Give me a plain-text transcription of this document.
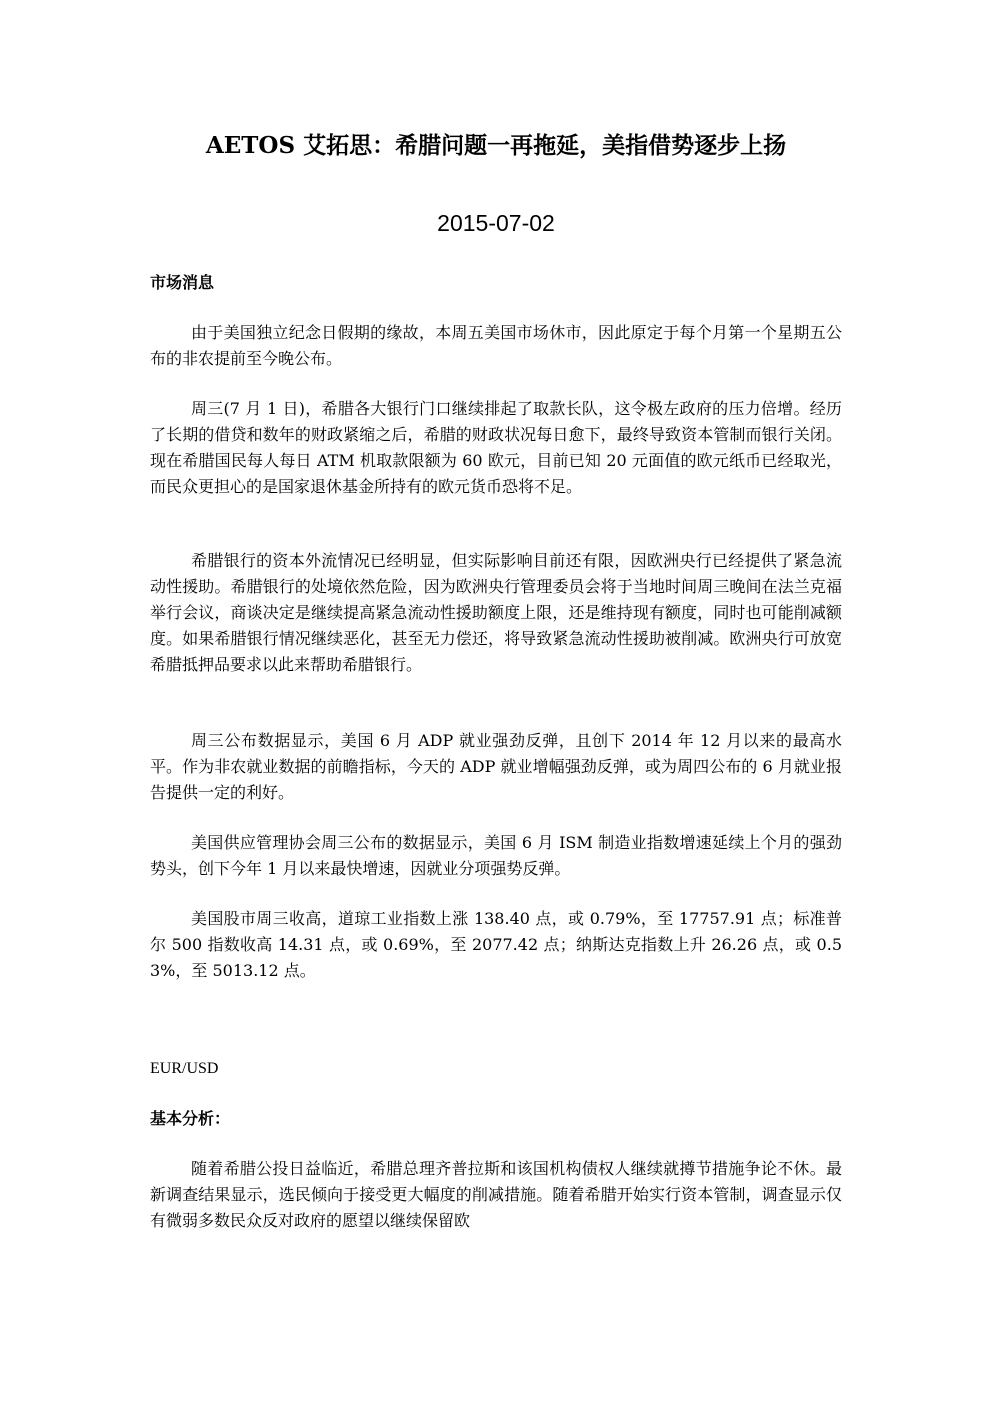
AETOS 艾拓思：希腊问题一再拖延，美指借势逐步上扬
2015-07-02
市场消息
由于美国独立纪念日假期的缘故，本周五美国市场休市，因此原定于每个月第一个星期五公布的非农提前至今晚公布。
周三(7 月 1 日)，希腊各大银行门口继续排起了取款长队，这令极左政府的压力倍增。经历了长期的借贷和数年的财政紧缩之后，希腊的财政状况每日愈下，最终导致资本管制而银行关闭。现在希腊国民每人每日 ATM 机取款限额为 60 欧元，目前已知 20 元面值的欧元纸币已经取光，而民众更担心的是国家退休基金所持有的欧元货币恐将不足。
希腊银行的资本外流情况已经明显，但实际影响目前还有限，因欧洲央行已经提供了紧急流动性援助。希腊银行的处境依然危险，因为欧洲央行管理委员会将于当地时间周三晚间在法兰克福举行会议，商谈决定是继续提高紧急流动性援助额度上限，还是维持现有额度，同时也可能削减额度。如果希腊银行情况继续恶化，甚至无力偿还，将导致紧急流动性援助被削减。欧洲央行可放宽希腊抵押品要求以此来帮助希腊银行。
周三公布数据显示，美国 6 月 ADP 就业强劲反弹，且创下 2014 年 12 月以来的最高水平。作为非农就业数据的前瞻指标，今天的 ADP 就业增幅强劲反弹，或为周四公布的 6 月就业报告提供一定的利好。
美国供应管理协会周三公布的数据显示，美国 6 月 ISM 制造业指数增速延续上个月的强劲势头，创下今年 1 月以来最快增速，因就业分项强势反弹。
美国股市周三收高，道琼工业指数上涨 138.40 点，或 0.79%，至 17757.91 点；标准普尔 500 指数收高 14.31 点，或 0.69%，至 2077.42 点；纳斯达克指数上升 26.26 点，或 0.53%，至 5013.12 点。
EUR/USD
基本分析：
随着希腊公投日益临近，希腊总理齐普拉斯和该国机构债权人继续就撙节措施争论不休。最新调查结果显示，选民倾向于接受更大幅度的削减措施。随着希腊开始实行资本管制，调查显示仅有微弱多数民众反对政府的愿望以继续保留欧
